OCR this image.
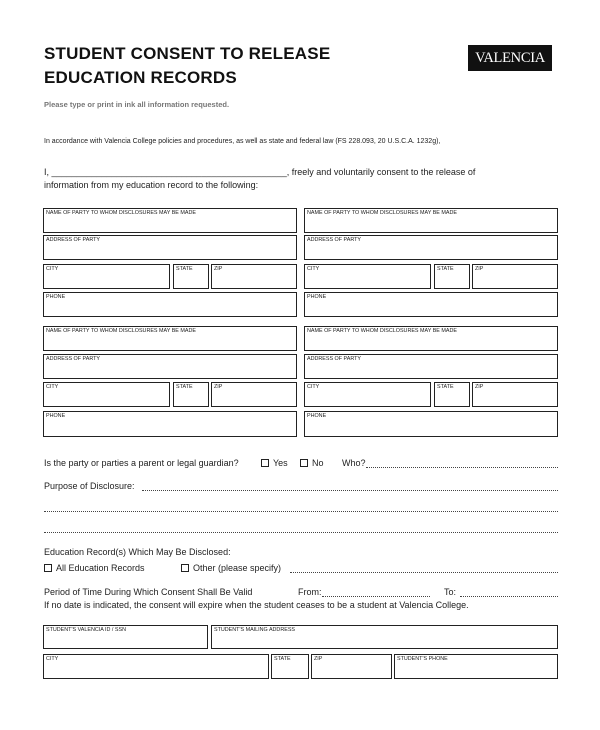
STUDENT CONSENT TO RELEASE
EDUCATION RECORDS
VALENCIA
Please type or print in ink all information requested.
In accordance with Valencia College policies and procedures, as well as state and federal law (FS 228.093, 20 U.S.C.A. 1232g),
I, _______________________________________________, freely and voluntarily consent to the release of
information from my education record to the following:
NAME OF PARTY TO WHOM DISCLOSURES MAY BE MADE
ADDRESS OF PARTY
CITY	STATE	ZIP
PHONE
NAME OF PARTY TO WHOM DISCLOSURES MAY BE MADE
ADDRESS OF PARTY
CITY	STATE	ZIP
PHONE
NAME OF PARTY TO WHOM DISCLOSURES MAY BE MADE
ADDRESS OF PARTY
CITY	STATE	ZIP
PHONE
NAME OF PARTY TO WHOM DISCLOSURES MAY BE MADE
ADDRESS OF PARTY
CITY	STATE	ZIP
PHONE
Is the party or parties a parent or legal guardian?	Yes	No Who?
Purpose of Disclosure:
Education Record(s) Which May Be Disclosed:
All Education Records	Other (please specify)
Period of Time During Which Consent Shall Be Valid	From:	To:
If no date is indicated, the consent will expire when the student ceases to be a student at Valencia College.
STUDENT'S VALENCIA ID / SSN	STUDENT'S MAILING ADDRESS
CITY	STATE	ZIP	STUDENT'S PHONE
